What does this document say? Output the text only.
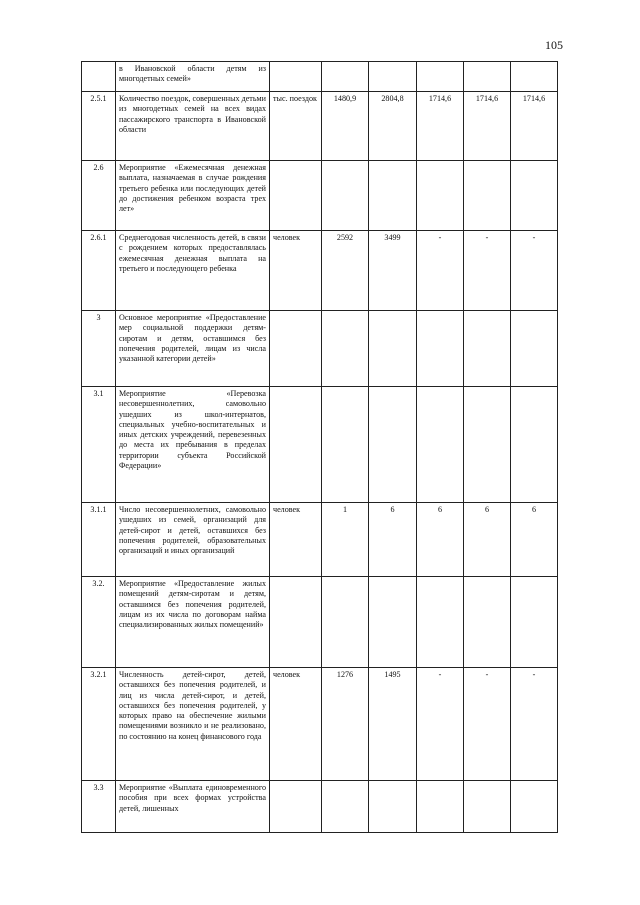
105
	в Ивановской области детям из многодетных семей»						
2.5.1	Количество поездок, совершенных детьми из многодетных семей на всех видах пассажирского транспорта в Ивановской области	тыс. поездок	1480,9	2804,8	1714,6	1714,6	1714,6
2.6	Мероприятие «Ежемесячная денежная выплата, назначаемая в случае рождения третьего ребенка или последующих детей до достижения ребенком возраста трех лет»						
2.6.1	Среднегодовая численность детей, в связи с рождением которых предоставлялась ежемесячная денежная выплата на третьего и последующего ребенка	человек	2592	3499	-	-	-
3	Основное мероприятие «Предоставление мер социальной поддержки детям-сиротам и детям, оставшимся без попечения родителей, лицам из числа указанной категории детей»						
3.1	Мероприятие «Перевозка несовершеннолетних, самовольно ушедших из школ-интернатов, специальных учебно-воспитательных и иных детских учреждений, перевезенных до места их пребывания в пределах территории субъекта Российской Федерации»						
3.1.1	Число несовершеннолетних, самовольно ушедших из семей, организаций для детей-сирот и детей, оставшихся без попечения родителей, образовательных организаций и иных организаций	человек	1	6	6	6	6
3.2.	Мероприятие «Предоставление жилых помещений детям-сиротам и детям, оставшимся без попечения родителей, лицам из их числа по договорам найма специализированных жилых помещений»						
3.2.1	Численность детей-сирот, детей, оставшихся без попечения родителей, и лиц из числа детей-сирот, и детей, оставшихся без попечения родителей, у которых право на обеспечение жилыми помещениями возникло и не реализовано, по состоянию на конец финансового года	человек	1276	1495	-	-	-
3.3	Мероприятие «Выплата единовременного пособия при всех формах устройства детей, лишенных						
